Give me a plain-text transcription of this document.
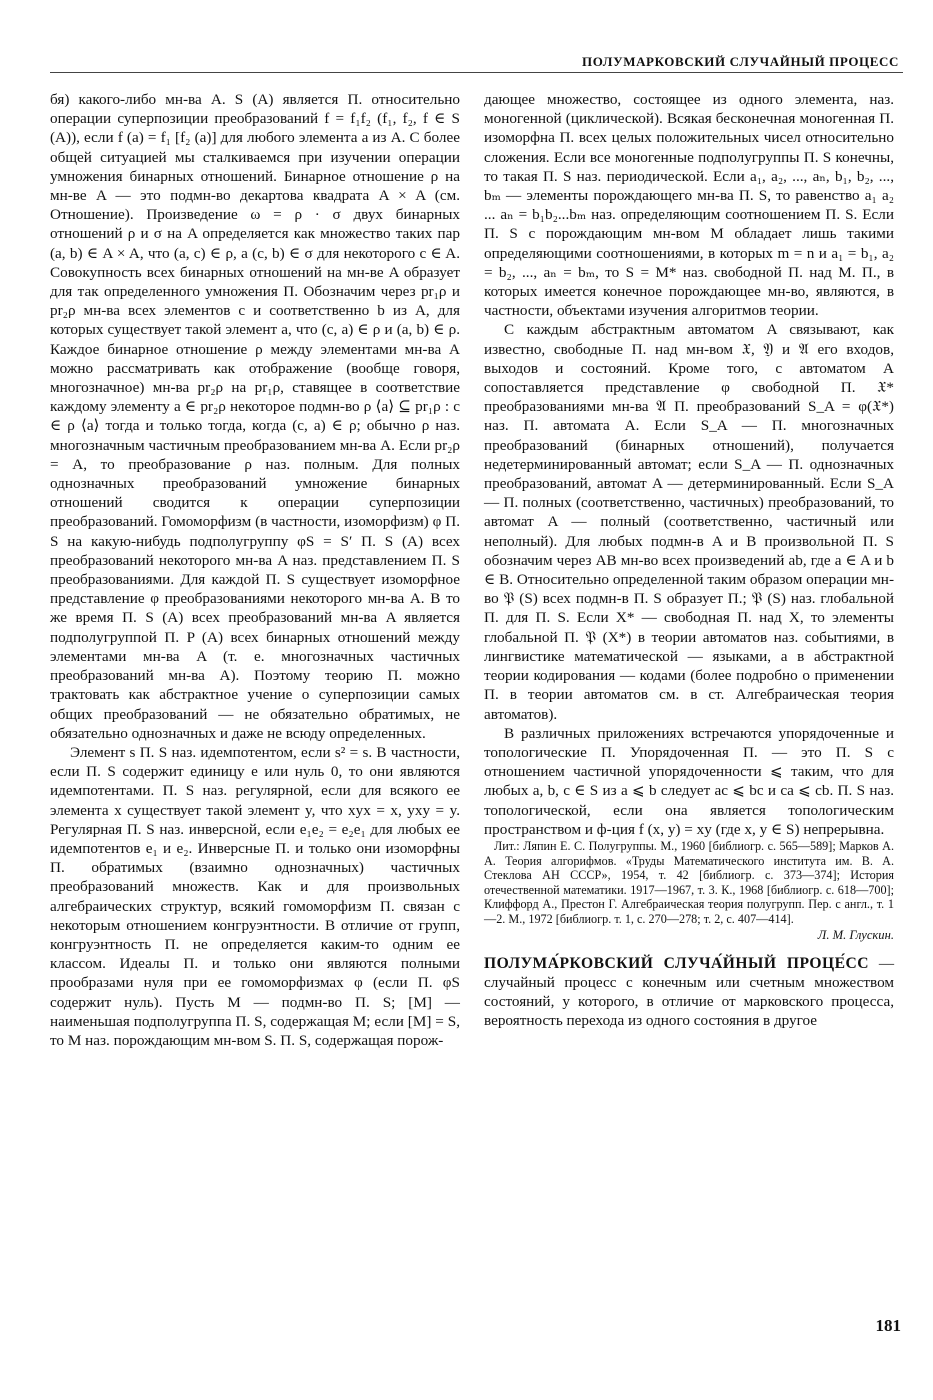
ПОЛУМАРКОВСКИЙ СЛУЧАЙНЫЙ ПРОЦЕСС

бя) какого-либо мн-ва A. S (A) является П. относительно операции суперпозиции преобразований f = f₁f₂ (f₁, f₂, f ∈ S (A)), если f (a) = f₁ [f₂ (a)] для любого элемента a из A. С более общей ситуацией мы сталкиваемся при изучении операции умножения бинарных отношений. Бинарное отношение ρ на мн-ве A — это подмн-во декартова квадрата A × A (см. Отношение). Произведение ω = ρ · σ двух бинарных отношений ρ и σ на A определяется как множество таких пар (a, b) ∈ A × A, что (a, c) ∈ ρ, а (c, b) ∈ σ для некоторого c ∈ A. Совокупность всех бинарных отношений на мн-ве A образует для так определенного умножения П. Обозначим через pr₁ρ и pr₂ρ мн-ва всех элементов c и соответственно b из A, для которых существует такой элемент a, что (c, a) ∈ ρ и (a, b) ∈ ρ. Каждое бинарное отношение ρ между элементами мн-ва A можно рассматривать как отображение (вообще говоря, многозначное) мн-ва pr₂ρ на pr₁ρ, ставящее в соответствие каждому элементу a ∈ pr₂ρ некоторое подмн-во ρ ⟨a⟩ ⊆ pr₁ρ : c ∈ ρ ⟨a⟩ тогда и только тогда, когда (c, a) ∈ ρ; обычно ρ наз. многозначным частичным преобразованием мн-ва A. Если pr₂ρ = A, то преобразование ρ наз. полным. Для полных однозначных преобразований умножение бинарных отношений сводится к операции суперпозиции преобразований. Гомоморфизм (в частности, изоморфизм) φ П. S на какую-нибудь подполугруппу φS = S′ П. S (A) всех преобразований некоторого мн-ва A наз. представлением П. S преобразованиями. Для каждой П. S существует изоморфное представление φ преобразованиями некоторого мн-ва A. В то же время П. S (A) всех преобразований мн-ва A является подполугруппой П. P (A) всех бинарных отношений между элементами мн-ва A (т. е. многозначных частичных преобразований мн-ва A). Поэтому теорию П. можно трактовать как абстрактное учение о суперпозиции самых общих преобразований — не обязательно обратимых, не обязательно однозначных и даже не всюду определенных.

Элемент s П. S наз. идемпотентом, если s² = s. В частности, если П. S содержит единицу e или нуль 0, то они являются идемпотентами. П. S наз. регулярной, если для всякого ее элемента x существует такой элемент y, что xyx = x, yxy = y. Регулярная П. S наз. инверсной, если e₁e₂ = e₂e₁ для любых ее идемпотентов e₁ и e₂. Инверсные П. и только они изоморфны П. обратимых (взаимно однозначных) частичных преобразований множеств. Как и для произвольных алгебраических структур, всякий гомоморфизм П. связан с некоторым отношением конгруэнтности. В отличие от групп, конгруэнтность П. не определяется каким-то одним ее классом. Идеалы П. и только они являются полными прообразами нуля при ее гомоморфизмах φ (если П. φS содержит нуль). Пусть M — подмн-во П. S; [M] — наименьшая подполугруппа П. S, содержащая M; если [M] = S, то M наз. порождающим мн-вом S. П. S, содержащая порож-

дающее множество, состоящее из одного элемента, наз. моногенной (циклической). Всякая бесконечная моногенная П. изоморфна П. всех целых положительных чисел относительно сложения. Если все моногенные подполугруппы П. S конечны, то такая П. S наз. периодической. Если a₁, a₂, ..., aₙ, b₁, b₂, ..., bₘ — элементы порождающего мн-ва П. S, то равенство a₁ a₂ ... aₙ = b₁b₂...bₘ наз. определяющим соотношением П. S. Если П. S с порождающим мн-вом M обладает лишь такими определяющими соотношениями, в которых m = n и a₁ = b₁, a₂ = b₂, ..., aₙ = bₘ, то S = M* наз. свободной П. над M. П., в которых имеется конечное порождающее мн-во, являются, в частности, объектами изучения алгоритмов теории.

С каждым абстрактным автоматом A связывают, как известно, свободные П. над мн-вом 𝔛, 𝔜 и 𝔄 его входов, выходов и состояний. Кроме того, с автоматом A сопоставляется представление φ свободной П. 𝔛* преобразованиями мн-ва 𝔄 П. преобразований S_A = φ(𝔛*) наз. П. автомата A. Если S_A — П. многозначных преобразований (бинарных отношений), получается недетерминированный автомат; если S_A — П. однозначных преобразований, автомат A — детерминированный. Если S_A — П. полных (соответственно, частичных) преобразований, то автомат A — полный (соответственно, частичный или неполный). Для любых подмн-в A и B произвольной П. S обозначим через AB мн-во всех произведений ab, где a ∈ A и b ∈ B. Относительно определенной таким образом операции мн-во 𝔓 (S) всех подмн-в П. S образует П.; 𝔓 (S) наз. глобальной П. для П. S. Если X* — свободная П. над X, то элементы глобальной П. 𝔓 (X*) в теории автоматов наз. событиями, в лингвистике математической — языками, а в абстрактной теории кодирования — кодами (более подробно о применении П. в теории автоматов см. в ст. Алгебраическая теория автоматов).

В различных приложениях встречаются упорядоченные и топологические П. Упорядоченная П. — это П. S с отношением частичной упорядоченности ⩽ таким, что для любых a, b, c ∈ S из a ⩽ b следует ac ⩽ bc и ca ⩽ cb. П. S наз. топологической, если она является топологическим пространством и ф-ция f (x, y) = xy (где x, y ∈ S) непрерывна.

Лит.: Ляпин Е. С. Полугруппы. М., 1960 [библиогр. с. 565—589]; Марков А. А. Теория алгорифмов. «Труды Математического института им. В. А. Стеклова АН СССР», 1954, т. 42 [библиогр. с. 373—374]; История отечественной математики. 1917—1967, т. 3. К., 1968 [библиогр. с. 618—700]; Клиффорд А., Престон Г. Алгебраическая теория полугрупп. Пер. с англ., т. 1—2. М., 1972 [библиогр. т. 1, с. 270—278; т. 2, с. 407—414].

Л. М. Глускин.

ПОЛУМА́РКОВСКИЙ СЛУЧА́ЙНЫЙ ПРОЦЕ́СС — случайный процесс с конечным или счетным множеством состояний, у которого, в отличие от марковского процесса, вероятность перехода из одного состояния в другое

181
